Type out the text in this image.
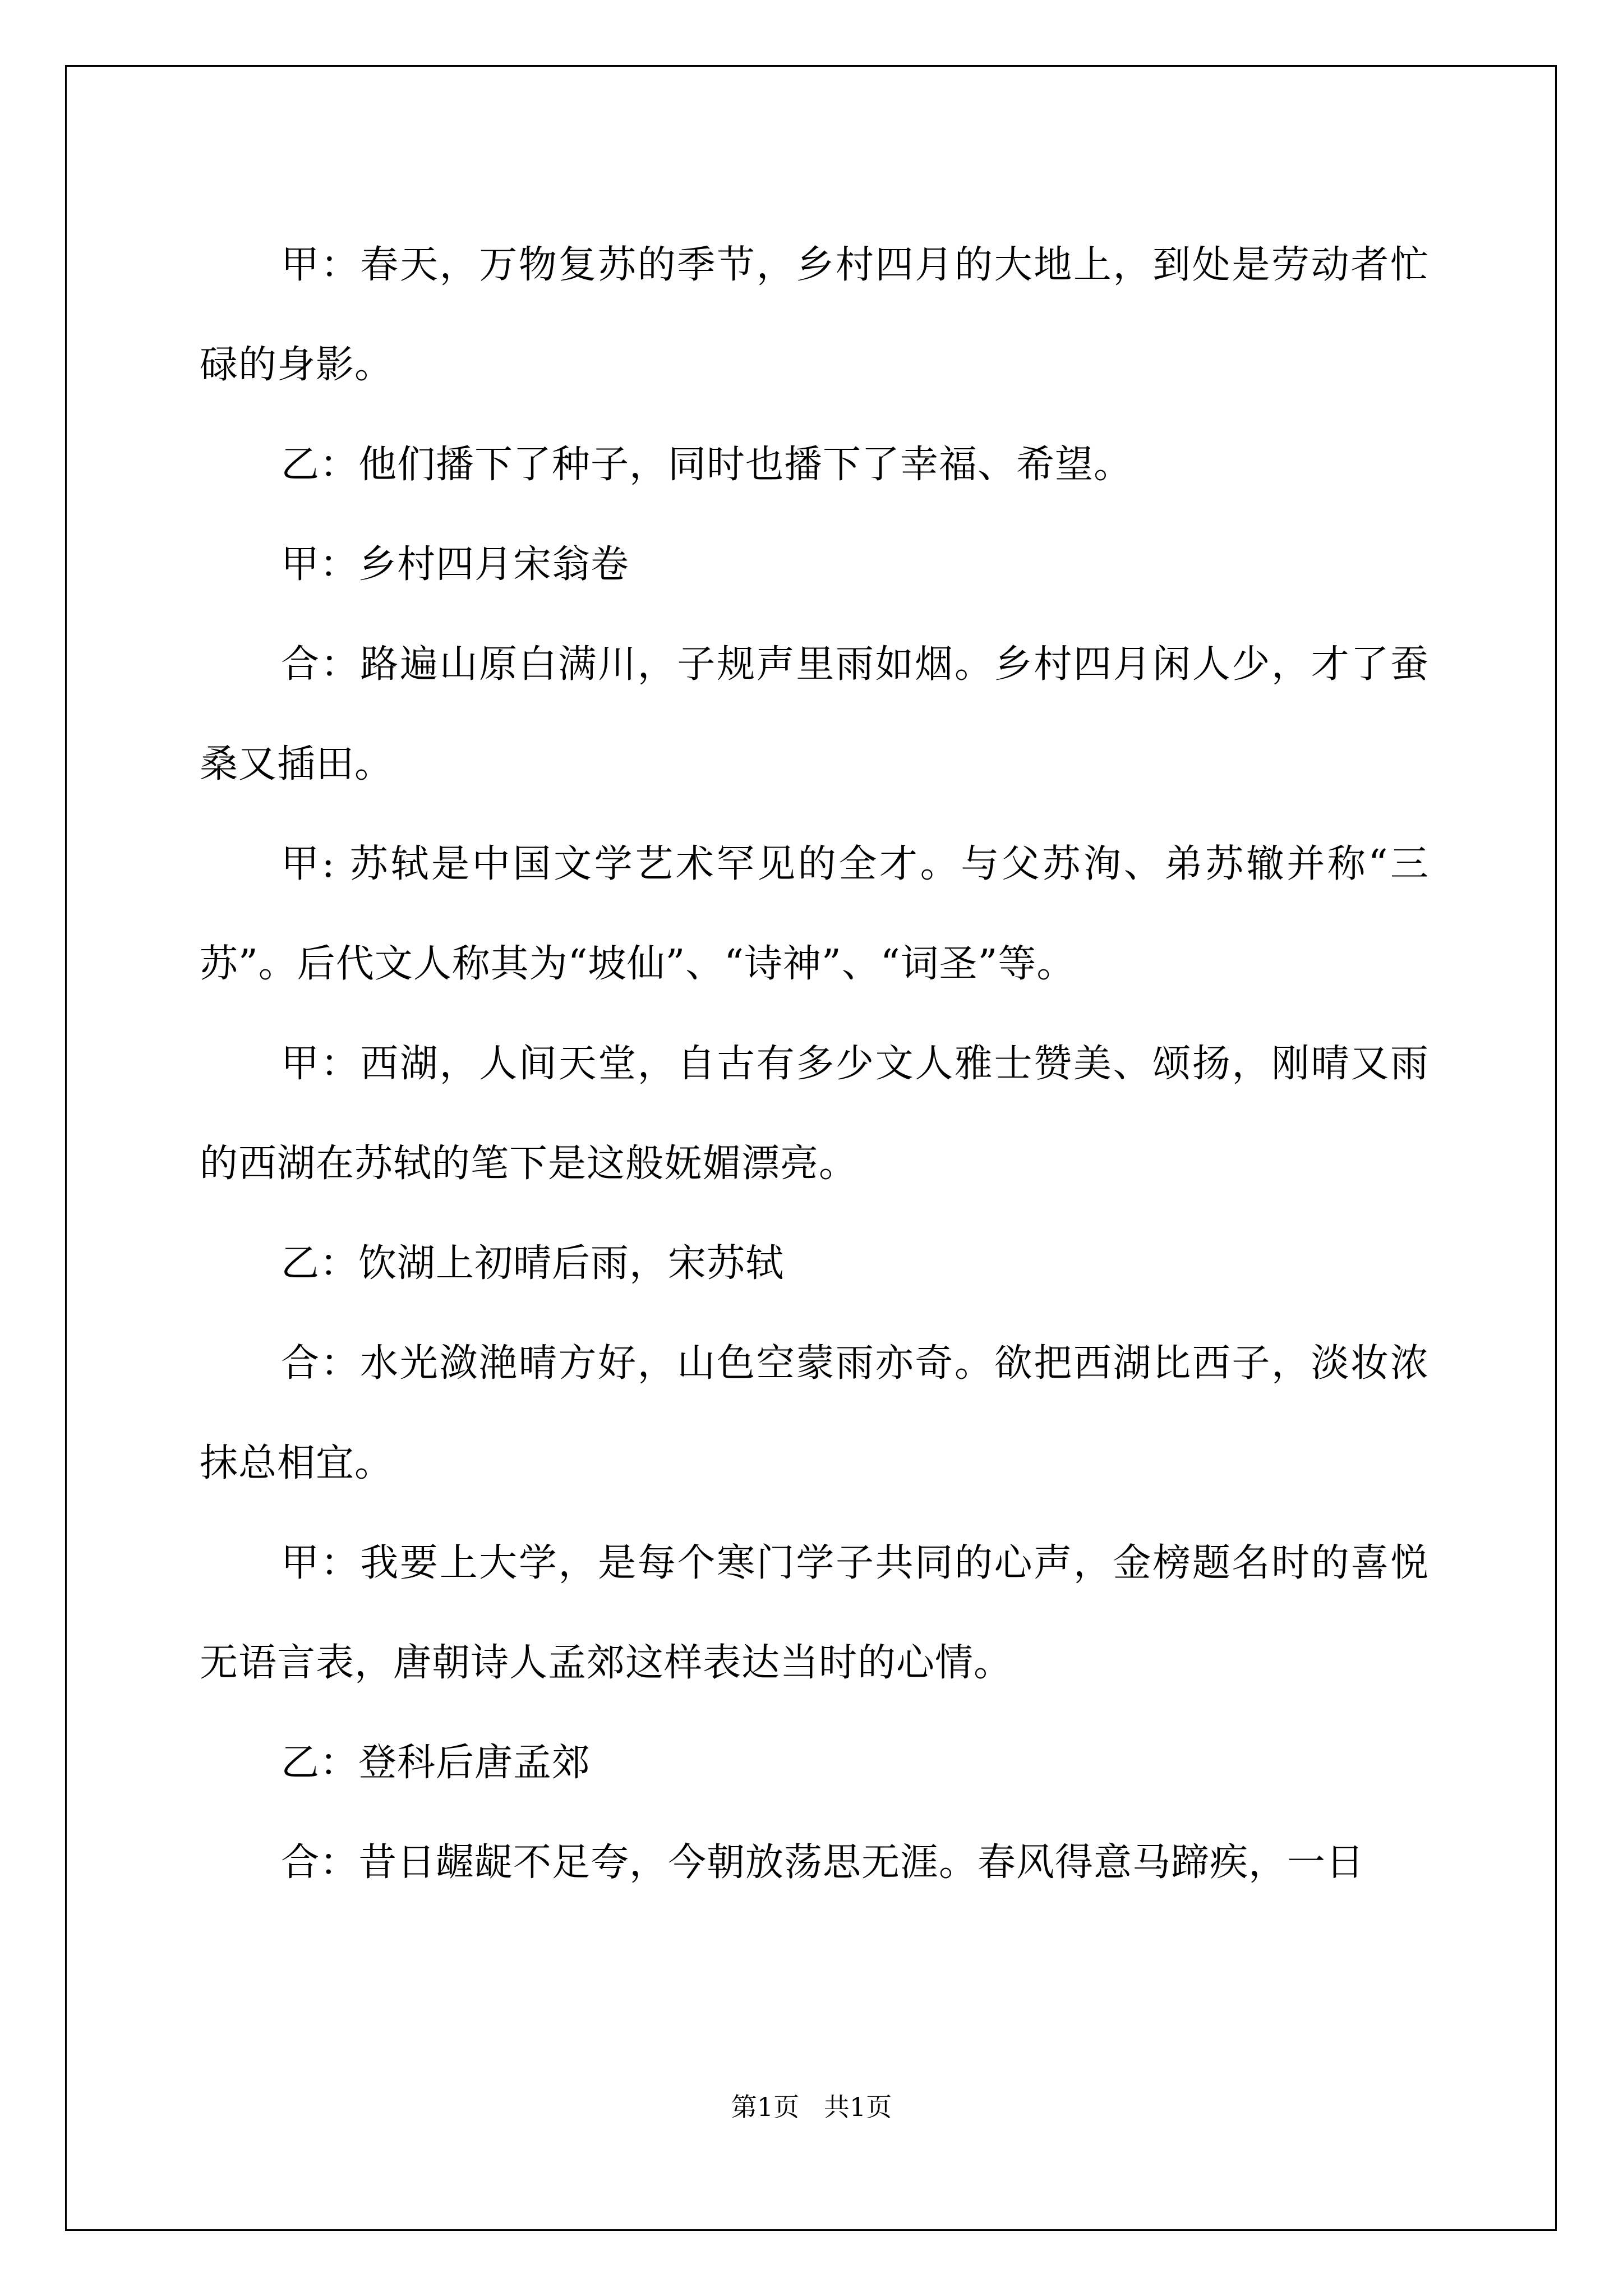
甲：春天，万物复苏的季节，乡村四月的大地上，到处是劳动者忙碌的身影。

乙：他们播下了种子，同时也播下了幸福、希望。

甲：乡村四月宋翁卷

合：路遍山原白满川，子规声里雨如烟。乡村四月闲人少，才了蚕桑又插田。

甲: 苏轼是中国文学艺术罕见的全才。与父苏洵、弟苏辙并称“三苏”。后代文人称其为“坡仙”、“诗神”、“词圣”等。

甲：西湖，人间天堂，自古有多少文人雅士赞美、颂扬，刚晴又雨的西湖在苏轼的笔下是这般妩媚漂亮。

乙：饮湖上初晴后雨，宋苏轼

合：水光潋滟晴方好，山色空蒙雨亦奇。欲把西湖比西子，淡妆浓抹总相宜。

甲：我要上大学，是每个寒门学子共同的心声，金榜题名时的喜悦无语言表，唐朝诗人孟郊这样表达当时的心情。

乙：登科后唐孟郊

合：昔日龌龊不足夸，今朝放荡思无涯。春风得意马蹄疾，一日

第1页   共1页
